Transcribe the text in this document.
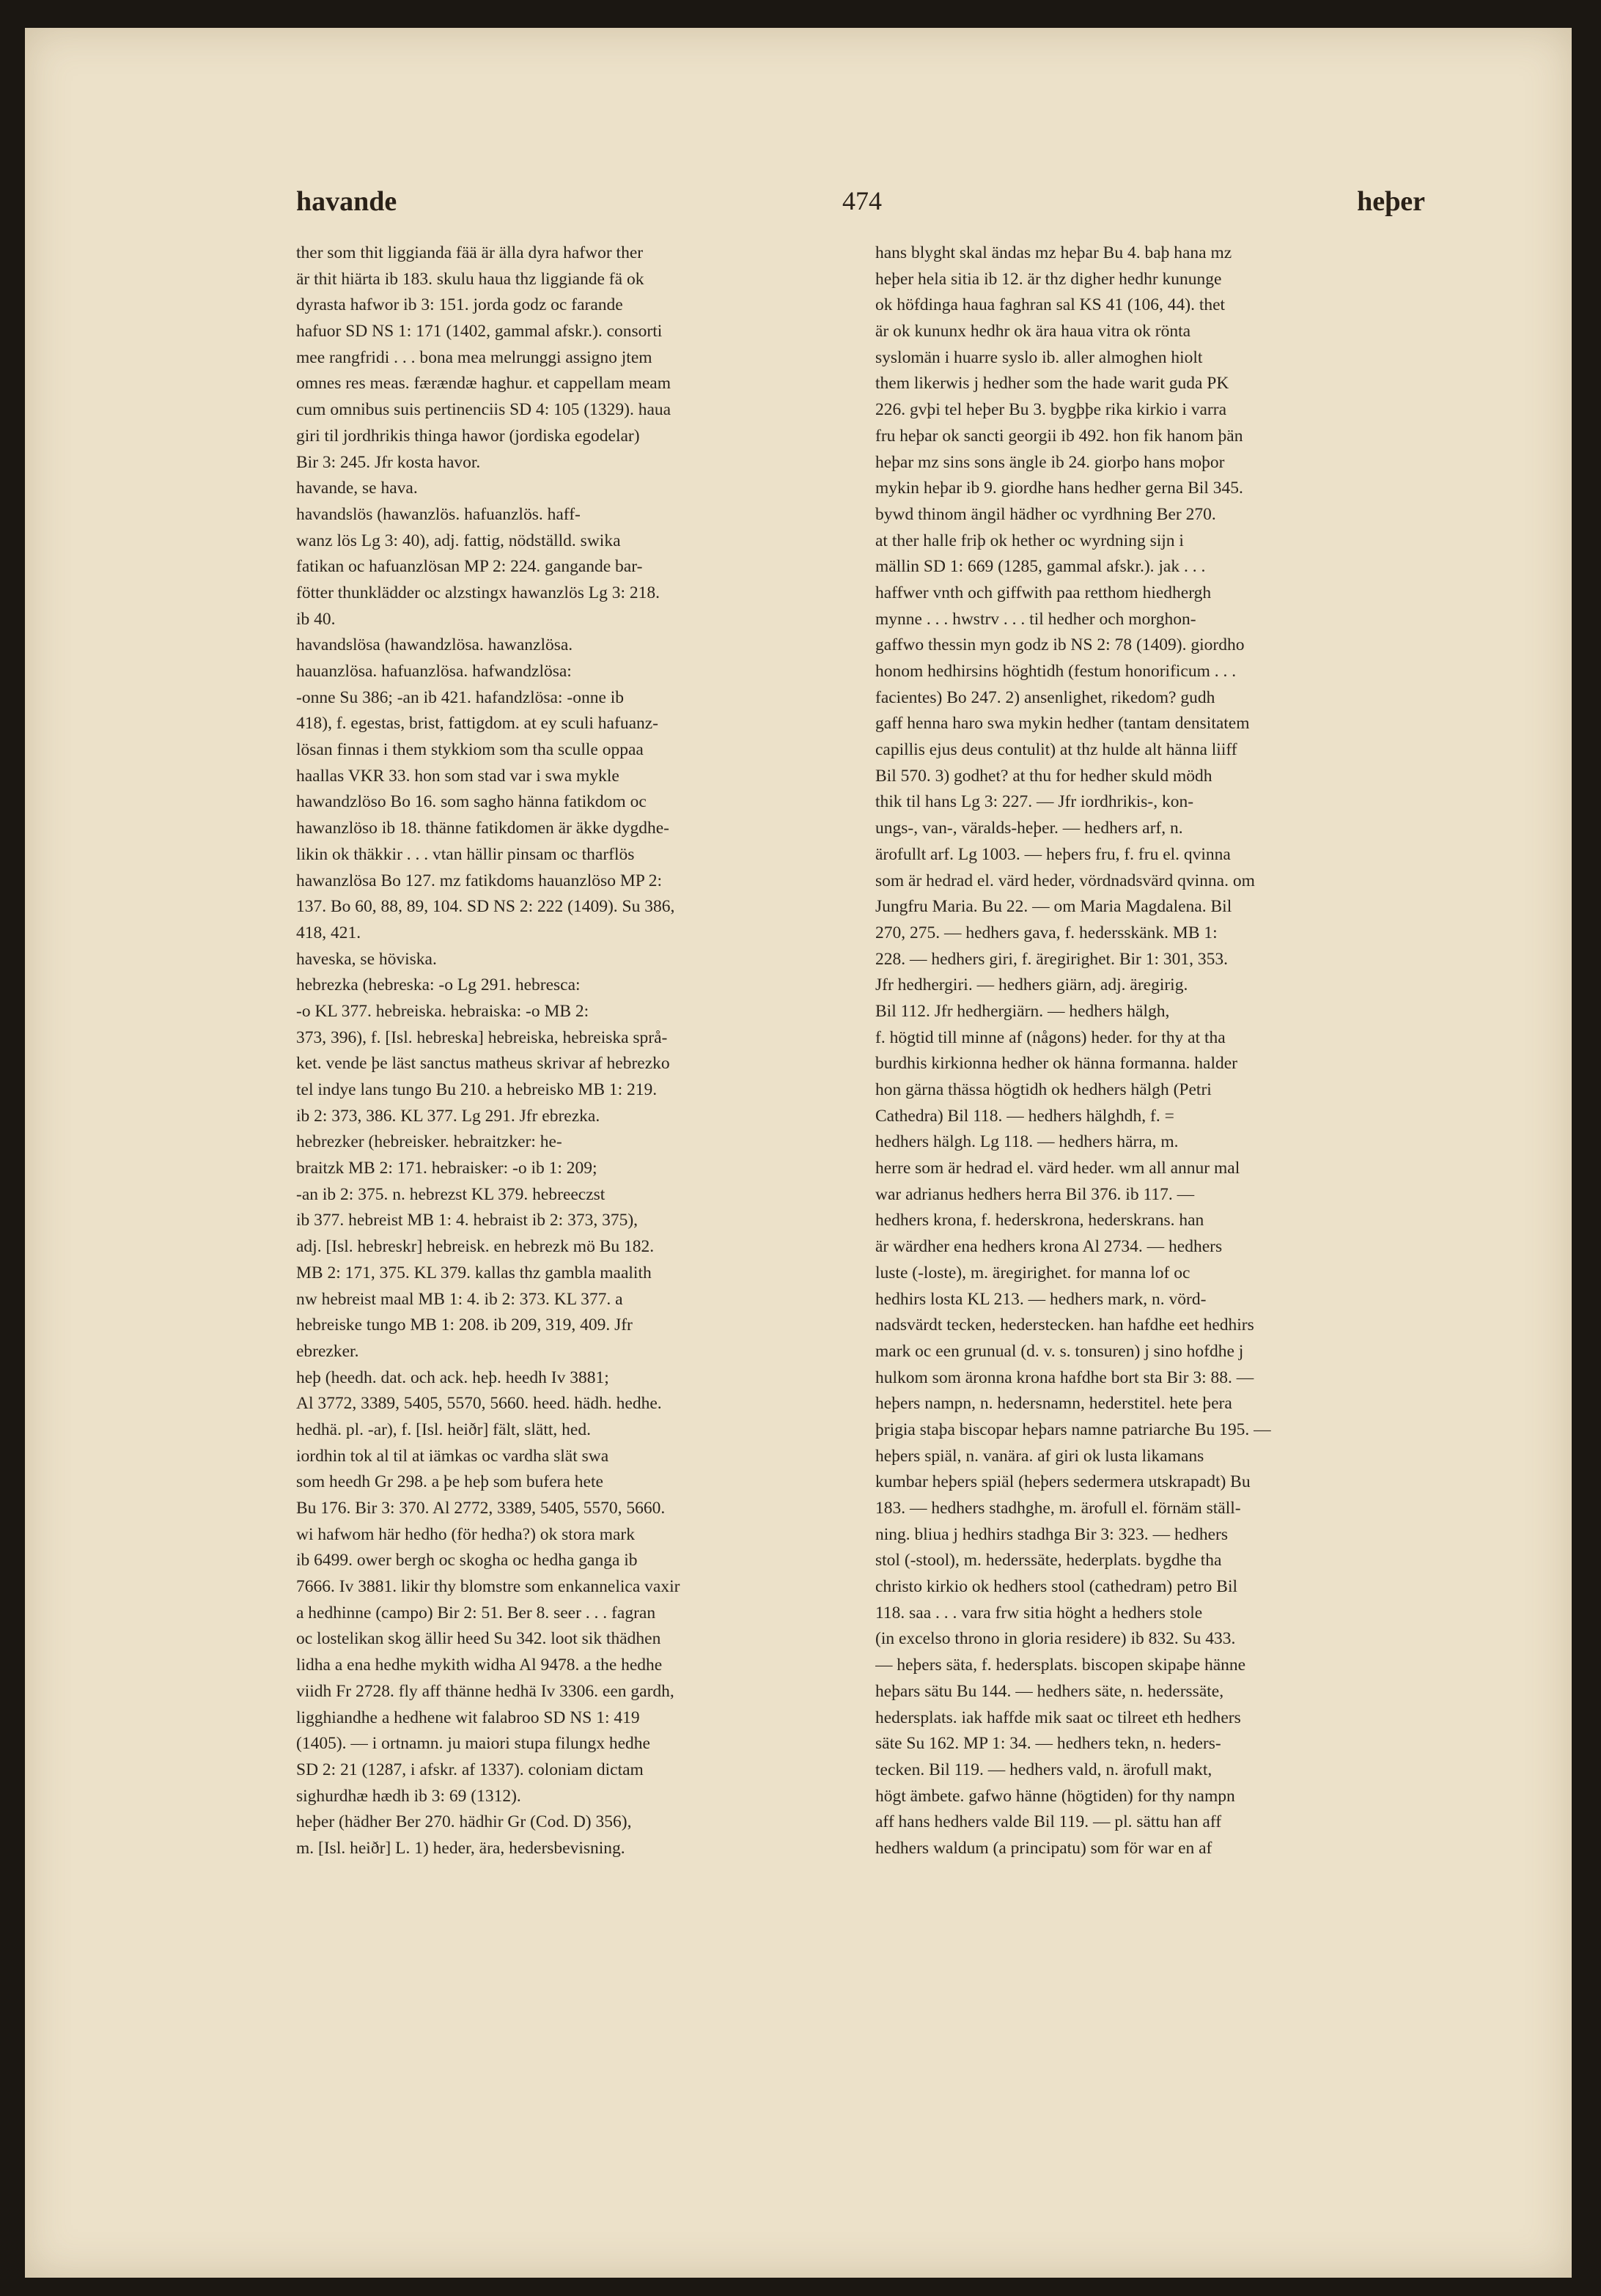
havande	474	heþer
ther som thit liggianda fää är älla dyra hafwor ther
är thit hiärta ib 183. skulu haua thz liggiande fä ok
dyrasta hafwor ib 3: 151. jorda godz oc farande
hafuor SD NS 1: 171 (1402, gammal afskr.). consorti
mee rangfridi . . . bona mea melrunggi assigno jtem
omnes res meas. færændæ haghur. et cappellam meam
cum omnibus suis pertinenciis SD 4: 105 (1329). haua
giri til jordhrikis thinga hawor (jordiska egodelar)
Bir 3: 245. Jfr kosta havor.
havande, se hava.
havandslös (hawanzlös. hafuanzlös. haff-
wanz lös Lg 3: 40), adj. fattig, nödställd. swika
fatikan oc hafuanzlösan MP 2: 224. gangande bar-
fötter thunklädder oc alzstingx hawanzlös Lg 3: 218.
ib 40.
havandslösa (hawandzlösa. hawanzlösa.
hauanzlösa. hafuanzlösa. hafwandzlösa:
-onne Su 386; -an ib 421. hafandzlösa: -onne ib
418), f. egestas, brist, fattigdom. at ey sculi hafuanz-
lösan finnas i them stykkiom som tha sculle oppaa
haallas VKR 33. hon som stad var i swa mykle
hawandzlöso Bo 16. som sagho hänna fatikdom oc
hawanzlöso ib 18. thänne fatikdomen är äkke dygdhe-
likin ok thäkkir . . . vtan hällir pinsam oc tharflös
hawanzlösa Bo 127. mz fatikdoms hauanzlöso MP 2:
137. Bo 60, 88, 89, 104. SD NS 2: 222 (1409). Su 386,
418, 421.
haveska, se höviska.
hebrezka (hebreska: -o Lg 291. hebresca:
-o KL 377. hebreiska. hebraiska: -o MB 2:
373, 396), f. [Isl. hebreska] hebreiska, hebreiska språ-
ket. vende þe läst sanctus matheus skrivar af hebrezko
tel indye lans tungo Bu 210. a hebreisko MB 1: 219.
ib 2: 373, 386. KL 377. Lg 291. Jfr ebrezka.
hebrezker (hebreisker. hebraitzker: he-
braitzk MB 2: 171. hebraisker: -o ib 1: 209;
-an ib 2: 375. n. hebrezst KL 379. hebreeczst
ib 377. hebreist MB 1: 4. hebraist ib 2: 373, 375),
adj. [Isl. hebreskr] hebreisk. en hebrezk mö Bu 182.
MB 2: 171, 375. KL 379. kallas thz gambla maalith
nw hebreist maal MB 1: 4. ib 2: 373. KL 377. a
hebreiske tungo MB 1: 208. ib 209, 319, 409. Jfr
ebrezker.
heþ (heedh. dat. och ack. heþ. heedh Iv 3881;
Al 3772, 3389, 5405, 5570, 5660. heed. hädh. hedhe.
hedhä. pl. -ar), f. [Isl. heiðr] fält, slätt, hed.
iordhin tok al til at iämkas oc vardha slät swa
som heedh Gr 298. a þe heþ som bufera hete
Bu 176. Bir 3: 370. Al 2772, 3389, 5405, 5570, 5660.
wi hafwom här hedho (för hedha?) ok stora mark
ib 6499. ower bergh oc skogha oc hedha ganga ib
7666. Iv 3881. likir thy blomstre som enkannelica vaxir
a hedhinne (campo) Bir 2: 51. Ber 8. seer . . . fagran
oc lostelikan skog ällir heed Su 342. loot sik thädhen
lidha a ena hedhe mykith widha Al 9478. a the hedhe
viidh Fr 2728. fly aff thänne hedhä Iv 3306. een gardh,
ligghiandhe a hedhene wit falabroo SD NS 1: 419
(1405). — i ortnamn. ju maiori stupa filungx hedhe
SD 2: 21 (1287, i afskr. af 1337). coloniam dictam
sighurdhæ hædh ib 3: 69 (1312).
heþer (hädher Ber 270. hädhir Gr (Cod. D) 356),
m. [Isl. heiðr] L. 1) heder, ära, hedersbevisning.
hans blyght skal ändas mz heþar Bu 4. baþ hana mz
heþer hela sitia ib 12. är thz digher hedhr kununge
ok höfdinga haua faghran sal KS 41 (106, 44). thet
är ok kununx hedhr ok ära haua vitra ok rönta
syslomän i huarre syslo ib. aller almoghen hiolt
them likerwis j hedher som the hade warit guda PK
226. gvþi tel heþer Bu 3. bygþþe rika kirkio i varra
fru heþar ok sancti georgii ib 492. hon fik hanom þän
heþar mz sins sons ängle ib 24. giorþo hans moþor
mykin heþar ib 9. giordhe hans hedher gerna Bil 345.
bywd thinom ängil hädher oc vyrdhning Ber 270.
at ther halle friþ ok hether oc wyrdning sijn i
mällin SD 1: 669 (1285, gammal afskr.). jak . . .
haffwer vnth och giffwith paa retthom hiedhergh
mynne . . . hwstrv . . . til hedher och morghon-
gaffwo thessin myn godz ib NS 2: 78 (1409). giordho
honom hedhirsins höghtidh (festum honorificum . . .
facientes) Bo 247. 2) ansenlighet, rikedom? gudh
gaff henna haro swa mykin hedher (tantam densitatem
capillis ejus deus contulit) at thz hulde alt hänna liiff
Bil 570. 3) godhet? at thu for hedher skuld mödh
thik til hans Lg 3: 227. — Jfr iordhrikis-, kon-
ungs-, van-, väralds-heþer. — hedhers arf, n.
ärofullt arf. Lg 1003. — heþers fru, f. fru el. qvinna
som är hedrad el. värd heder, vördnadsvärd qvinna. om
Jungfru Maria. Bu 22. — om Maria Magdalena. Bil
270, 275. — hedhers gava, f. hedersskänk. MB 1:
228. — hedhers giri, f. äregirighet. Bir 1: 301, 353.
Jfr hedhergiri. — hedhers giärn, adj. äregirig.
Bil 112. Jfr hedhergiärn. — hedhers hälgh,
f. högtid till minne af (någons) heder. for thy at tha
burdhis kirkionna hedher ok hänna formanna. halder
hon gärna thässa högtidh ok hedhers hälgh (Petri
Cathedra) Bil 118. — hedhers hälghdh, f. =
hedhers hälgh. Lg 118. — hedhers härra, m.
herre som är hedrad el. värd heder. wm all annur mal
war adrianus hedhers herra Bil 376. ib 117. —
hedhers krona, f. hederskrona, hederskrans. han
är wärdher ena hedhers krona Al 2734. — hedhers
luste (-loste), m. äregirighet. for manna lof oc
hedhirs losta KL 213. — hedhers mark, n. vörd-
nadsvärdt tecken, hederstecken. han hafdhe eet hedhirs
mark oc een grunual (d. v. s. tonsuren) j sino hofdhe j
hulkom som äronna krona hafdhe bort sta Bir 3: 88. —
heþers nampn, n. hedersnamn, hederstitel. hete þera
þrigia staþa biscopar heþars namne patriarche Bu 195. —
heþers spiäl, n. vanära. af giri ok lusta likamans
kumbar heþers spiäl (heþers sedermera utskrapadt) Bu
183. — hedhers stadhghe, m. ärofull el. förnäm ställ-
ning. bliua j hedhirs stadhga Bir 3: 323. — hedhers
stol (-stool), m. hederssäte, hederplats. bygdhe tha
christo kirkio ok hedhers stool (cathedram) petro Bil
118. saa . . . vara frw sitia höght a hedhers stole
(in excelso throno in gloria residere) ib 832. Su 433.
— heþers säta, f. hedersplats. biscopen skipaþe hänne
heþars sätu Bu 144. — hedhers säte, n. hederssäte,
hedersplats. iak haffde mik saat oc tilreet eth hedhers
säte Su 162. MP 1: 34. — hedhers tekn, n. heders-
tecken. Bil 119. — hedhers vald, n. ärofull makt,
högt ämbete. gafwo hänne (högtiden) for thy nampn
aff hans hedhers valde Bil 119. — pl. sättu han aff
hedhers waldum (a principatu) som för war en af
